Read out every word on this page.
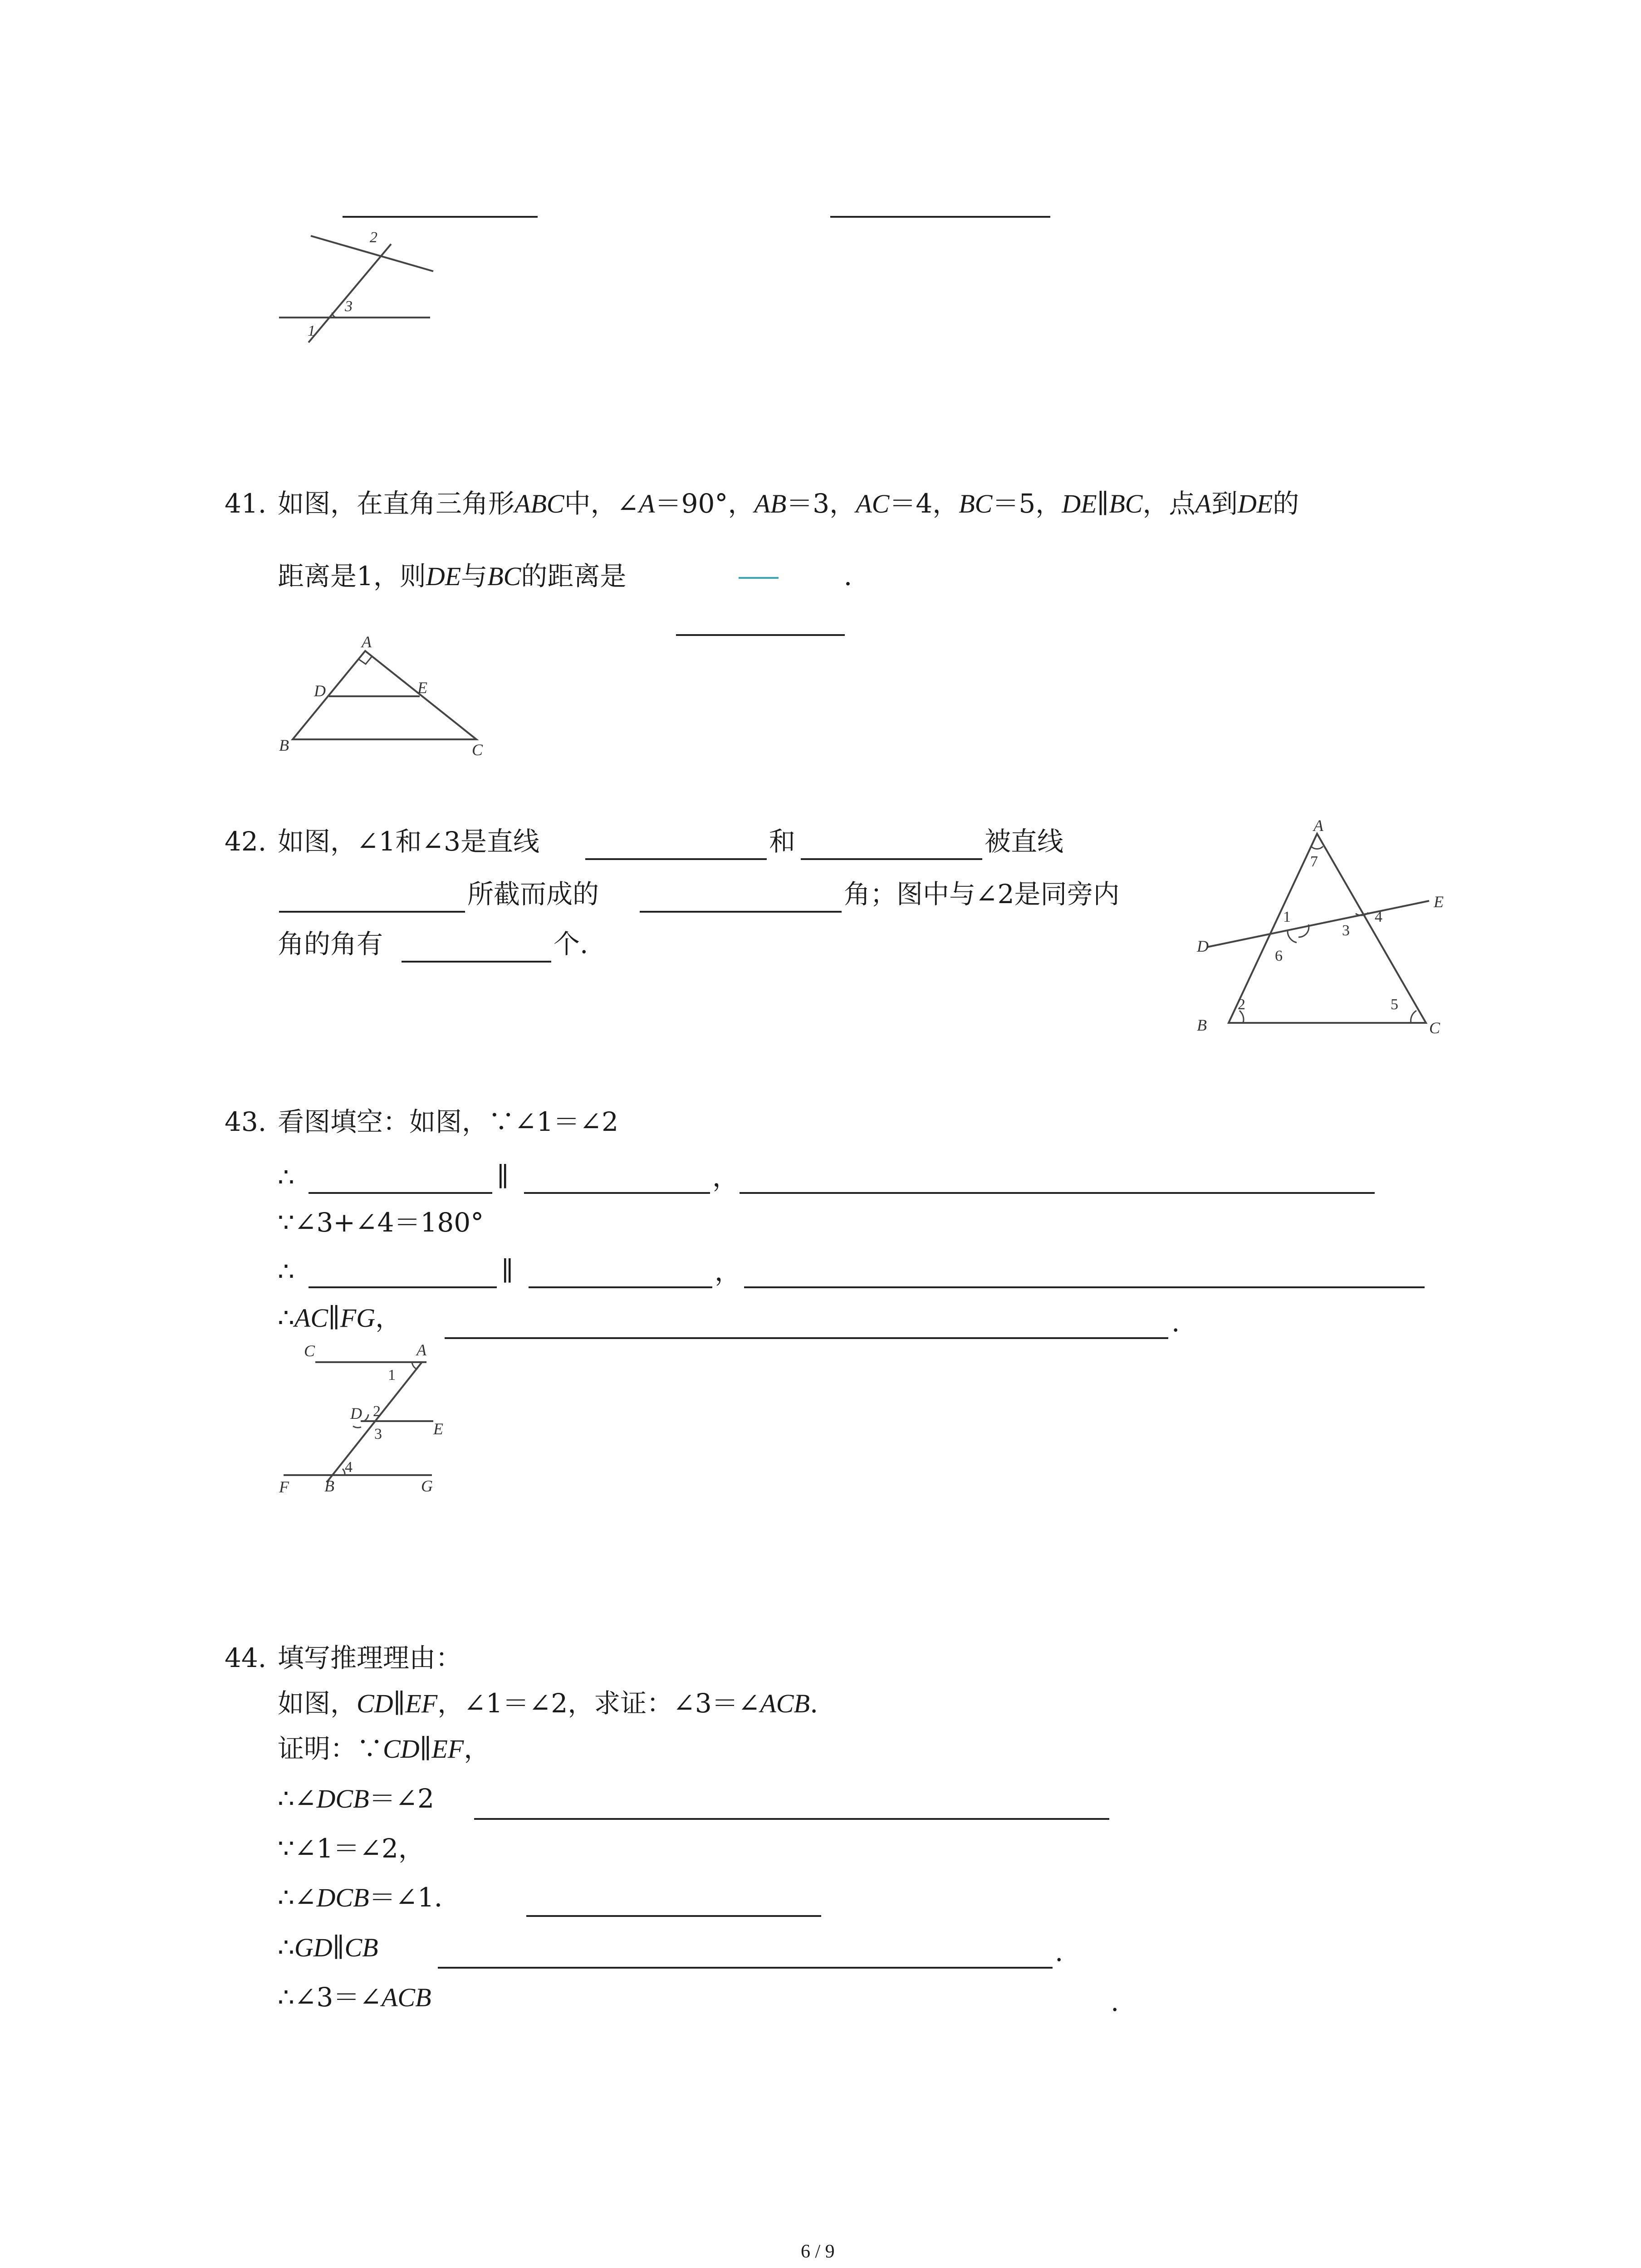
1
2
3
41. 如图，在直角三角形ABC中，∠A＝90°，AB＝3，AC＝4，BC＝5，DE∥BC，点A到DE的
距离是1，则DE与BC的距离是	．
A
D	E
B	C
42. 如图，∠1和∠3是直线	和	被直线
所截而成的	角；图中与∠2是同旁内
角的角有	个.
A
7
E
1	4
3
D
6
2	5
B	C
43. 看图填空：如图，∵∠1＝∠2
∴	∥	，
∵∠3+∠4＝180°
∴	∥	，
∴AC∥FG，	.
C	A
1
D 2
3	E
4
F B	G
44. 填写推理理由：
如图，CD∥EF，∠1＝∠2，求证：∠3＝∠ACB.
证明：∵CD∥EF，
∴∠DCB＝∠2
∵∠1＝∠2，
∴∠DCB＝∠1．
∴GD∥CB	.
∴∠3＝∠ACB	.
6 / 9
